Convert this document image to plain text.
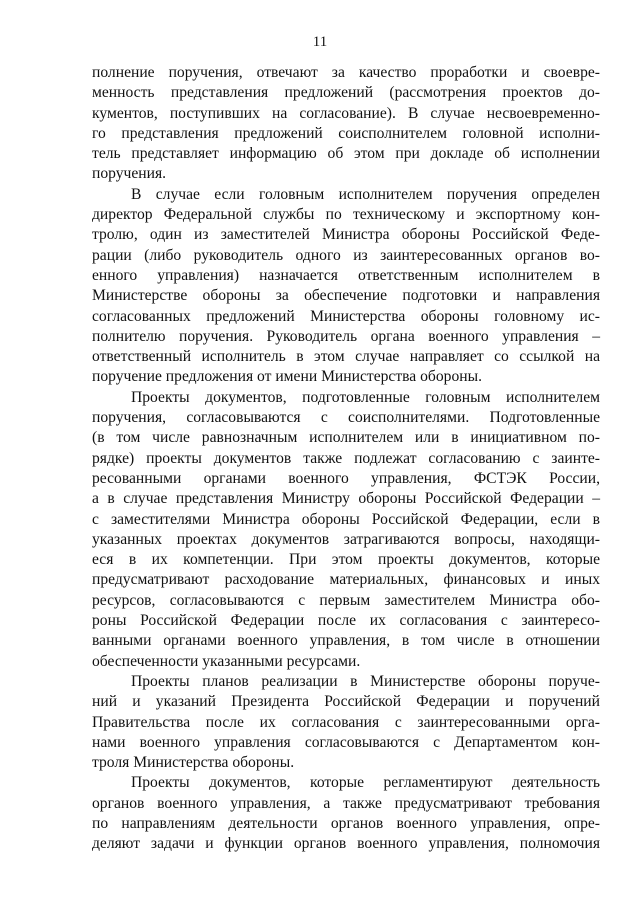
11

полнение поручения, отвечают за качество проработки и своевре-
менность представления предложений (рассмотрения проектов до-
кументов, поступивших на согласование). В случае несвоевременно-
го представления предложений соисполнителем головной исполни-
тель представляет информацию об этом при докладе об исполнении
поручения.

В случае если головным исполнителем поручения определен
директор Федеральной службы по техническому и экспортному кон-
тролю, один из заместителей Министра обороны Российской Феде-
рации (либо руководитель одного из заинтересованных органов во-
енного управления) назначается ответственным исполнителем в
Министерстве обороны за обеспечение подготовки и направления
согласованных предложений Министерства обороны головному ис-
полнителю поручения. Руководитель органа военного управления –
ответственный исполнитель в этом случае направляет со ссылкой на
поручение предложения от имени Министерства обороны.

Проекты документов, подготовленные головным исполнителем
поручения, согласовываются с соисполнителями. Подготовленные
(в том числе равнозначным исполнителем или в инициативном по-
рядке) проекты документов также подлежат согласованию с заинте-
ресованными органами военного управления, ФСТЭК России,
а в случае представления Министру обороны Российской Федерации –
с заместителями Министра обороны Российской Федерации, если в
указанных проектах документов затрагиваются вопросы, находящи-
еся в их компетенции. При этом проекты документов, которые
предусматривают расходование материальных, финансовых и иных
ресурсов, согласовываются с первым заместителем Министра обо-
роны Российской Федерации после их согласования с заинтересо-
ванными органами военного управления, в том числе в отношении
обеспеченности указанными ресурсами.

Проекты планов реализации в Министерстве обороны поруче-
ний и указаний Президента Российской Федерации и поручений
Правительства после их согласования с заинтересованными орга-
нами военного управления согласовываются с Департаментом кон-
троля Министерства обороны.

Проекты документов, которые регламентируют деятельность
органов военного управления, а также предусматривают требования
по направлениям деятельности органов военного управления, опре-
деляют задачи и функции органов военного управления, полномочия
